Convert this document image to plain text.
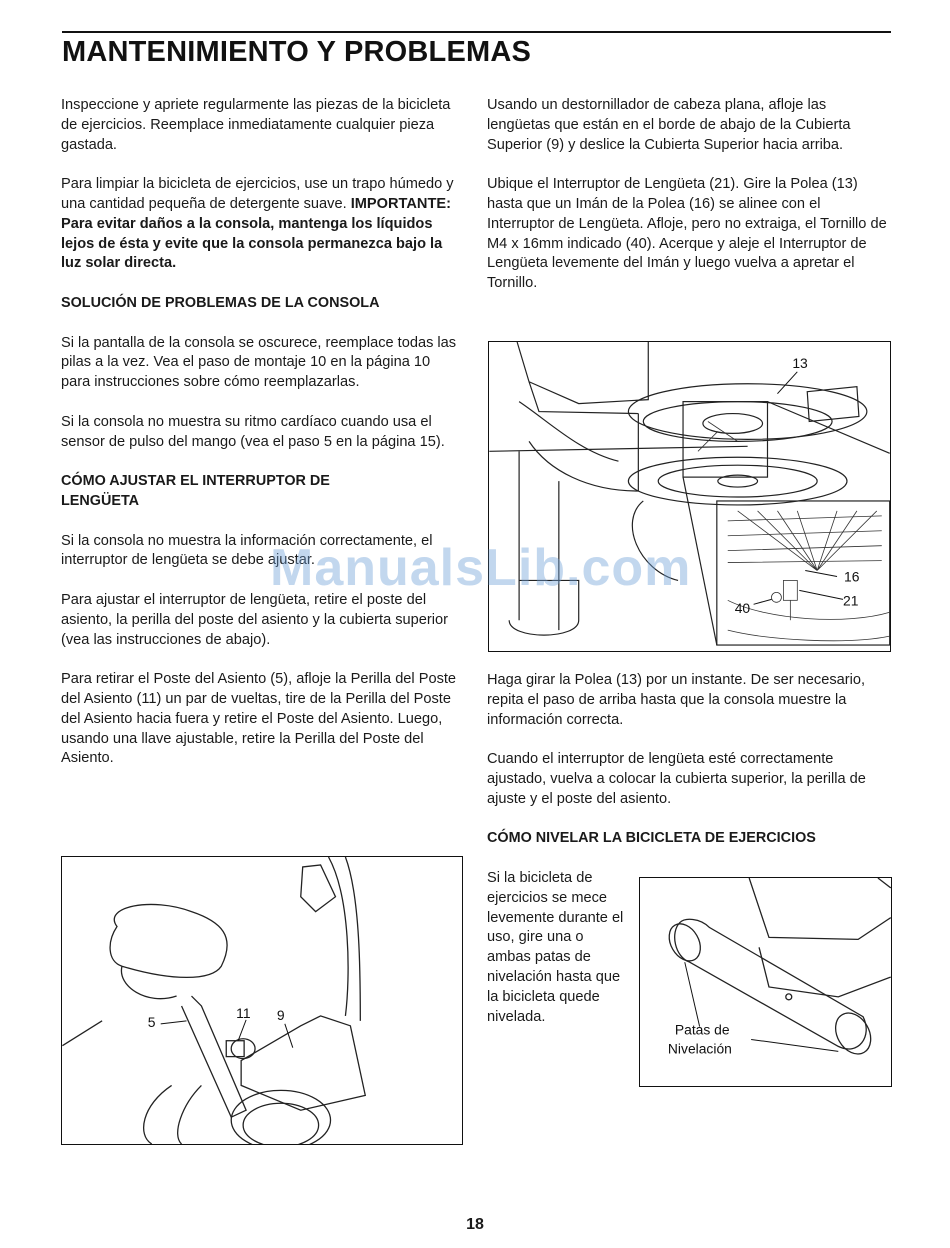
MANTENIMIENTO Y PROBLEMAS

Inspeccione y apriete regularmente las piezas de la bicicleta de ejercicios. Reemplace inmediatamente cualquier pieza gastada.

Para limpiar la bicicleta de ejercicios, use un trapo húmedo y una cantidad pequeña de detergente suave. IMPORTANTE: Para evitar daños a la consola, mantenga los líquidos lejos de ésta y evite que la consola permanezca bajo la luz solar directa.

SOLUCIÓN DE PROBLEMAS DE LA CONSOLA

Si la pantalla de la consola se oscurece, reemplace todas las pilas a la vez. Vea el paso de montaje 10 en la página 10 para instrucciones sobre cómo reemplazarlas.

Si la consola no muestra su ritmo cardíaco cuando usa el sensor de pulso del mango (vea el paso 5 en la página 15).

CÓMO AJUSTAR EL INTERRUPTOR DE
LENGÜETA

Si la consola no muestra la información correctamente, el interruptor de lengüeta se debe ajustar.

Para ajustar el interruptor de lengüeta, retire el poste del asiento, la perilla del poste del asiento y la cubierta superior (vea las instrucciones de abajo).

Para retirar el Poste del Asiento (5), afloje la Perilla del Poste del Asiento (11) un par de vueltas, tire de la Perilla del Poste del Asiento hacia fuera y retire el Poste del Asiento. Luego, usando una llave ajustable, retire la Perilla del Poste del Asiento.

Usando un destornillador de cabeza plana, afloje las lengüetas que están en el borde de abajo de la Cubierta Superior (9) y deslice la Cubierta Superior hacia arriba.

Ubique el Interruptor de Lengüeta (21). Gire la Polea (13) hasta que un Imán de la Polea (16) se alinee con el Interruptor de Lengüeta. Afloje, pero no extraiga, el Tornillo de M4 x 16mm indicado (40). Acerque y aleje el Interruptor de Lengüeta levemente del Imán y luego vuelva a apretar el Tornillo.

Haga girar la Polea (13) por un instante. De ser necesario, repita el paso de arriba hasta que la consola muestre la información correcta.

Cuando el interruptor de lengüeta esté correctamente ajustado, vuelva a colocar la cubierta superior, la perilla de ajuste y el poste del asiento.

CÓMO NIVELAR LA BICICLETA DE EJERCICIOS

Si la bicicleta de ejercicios se mece levemente durante el uso, gire una o ambas patas de nivelación hasta que la bicicleta quede nivelada.

13
16
21
40
5
11 9
Patas de
Nivelación
ManualsLib.com
18
